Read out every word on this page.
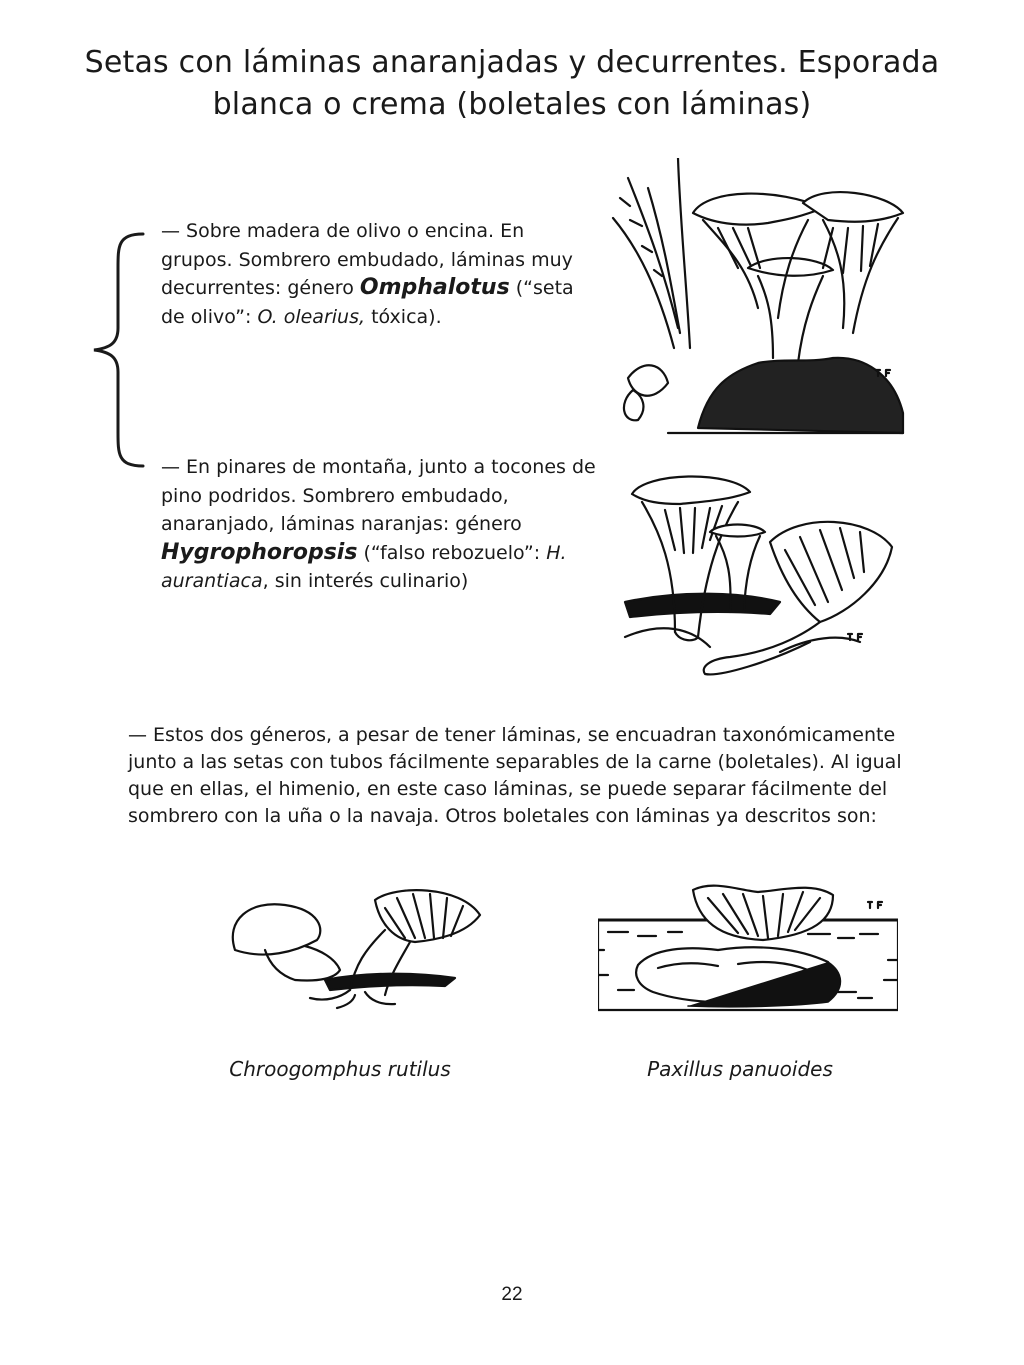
Setas con láminas anaranjadas y decurrentes. Esporada blanca o crema (boletales con láminas)
— Sobre madera de olivo o encina. En grupos. Sombrero embudado, láminas muy decurrentes: género Omphalotus (“seta de olivo”: O. olearius, tóxica).
— En pinares de montaña, junto a tocones de pino podridos. Sombrero embudado, anaranjado, láminas naranjas: género Hygrophoropsis (“falso rebozuelo”: H. aurantiaca, sin interés culinario)
— Estos dos géneros, a pesar de tener láminas, se encuadran taxonómicamente junto a las setas con tubos fácilmente separables de la carne (boletales). Al igual que en ellas, el himenio, en este caso láminas, se puede separar fácilmente del sombrero con la uña o la navaja. Otros boletales con láminas ya descritos son:
Chroogomphus rutilus	Paxillus panuoides
22
